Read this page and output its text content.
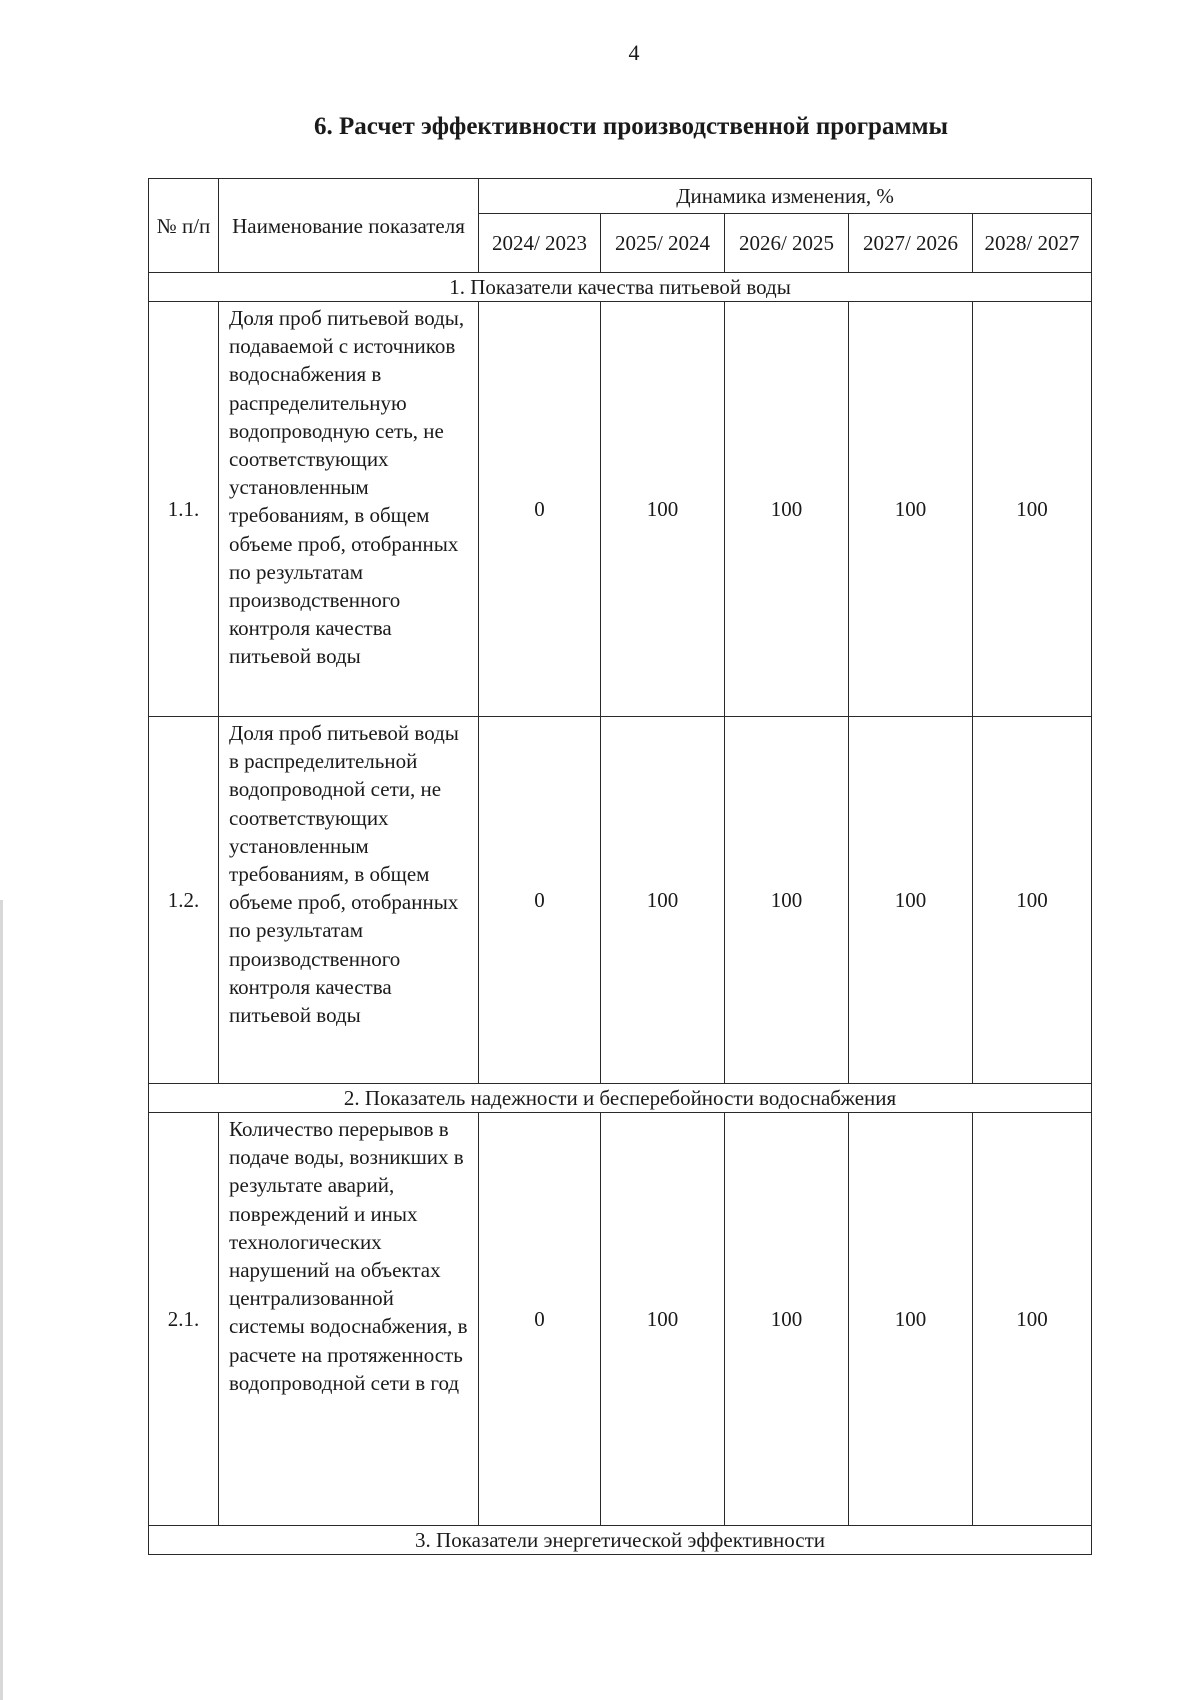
4
6. Расчет эффективности производственной программы
№ п/п	Наименование показателя	Динамика изменения, %				
		2024/ 2023	2025/ 2024	2026/ 2025	2027/ 2026	2028/ 2027
1. Показатели качества питьевой воды						
1.1.	Доля проб питьевой воды, подаваемой с источников водоснабжения в распределительную водопроводную сеть, не соответствующих установленным требованиям, в общем объеме проб, отобранных по результатам производственного контроля качества питьевой воды	0	100	100	100	100
1.2.	Доля проб питьевой воды в распределительной водопроводной сети, не соответствующих установленным требованиям, в общем объеме проб, отобранных по результатам производственного контроля качества питьевой воды	0	100	100	100	100
2. Показатель надежности и бесперебойности водоснабжения						
2.1.	Количество перерывов в подаче воды, возникших в результате аварий, повреждений и иных технологических нарушений на объектах централизованной системы водоснабжения, в расчете на протяженность водопроводной сети в год	0	100	100	100	100
3. Показатели энергетической эффективности						
